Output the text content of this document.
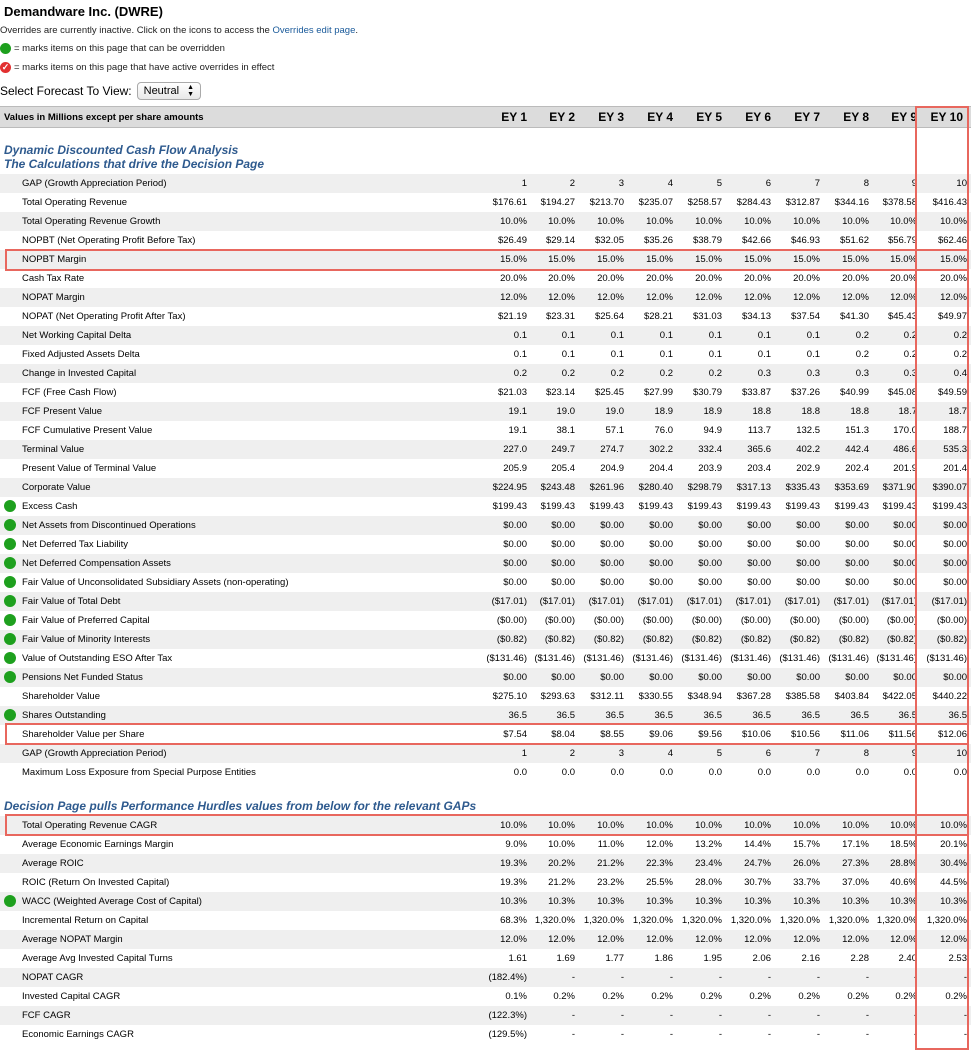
Demandware Inc. (DWRE)
Overrides are currently inactive. Click on the icons to access the Overrides edit page.
= marks items on this page that can be overridden
✓ = marks items on this page that have active overrides in effect
Select Forecast To View: Neutral ▲
▼
Values in Millions except per share amounts	EY 1	EY 2	EY 3	EY 4	EY 5	EY 6	EY 7	EY 8	EY 9	EY 10
Dynamic Discounted Cash Flow Analysis
The Calculations that drive the Decision Page
GAP (Growth Appreciation Period)	1	2	3	4	5	6	7	8	9	10
Total Operating Revenue	$176.61	$194.27	$213.70	$235.07	$258.57	$284.43	$312.87	$344.16	$378.58	$416.43
Total Operating Revenue Growth	10.0%	10.0%	10.0%	10.0%	10.0%	10.0%	10.0%	10.0%	10.0%	10.0%
NOPBT (Net Operating Profit Before Tax)	$26.49	$29.14	$32.05	$35.26	$38.79	$42.66	$46.93	$51.62	$56.79	$62.46
NOPBT Margin	15.0%	15.0%	15.0%	15.0%	15.0%	15.0%	15.0%	15.0%	15.0%	15.0%
Cash Tax Rate	20.0%	20.0%	20.0%	20.0%	20.0%	20.0%	20.0%	20.0%	20.0%	20.0%
NOPAT Margin	12.0%	12.0%	12.0%	12.0%	12.0%	12.0%	12.0%	12.0%	12.0%	12.0%
NOPAT (Net Operating Profit After Tax)	$21.19	$23.31	$25.64	$28.21	$31.03	$34.13	$37.54	$41.30	$45.43	$49.97
Net Working Capital Delta	0.1	0.1	0.1	0.1	0.1	0.1	0.1	0.2	0.2	0.2
Fixed Adjusted Assets Delta	0.1	0.1	0.1	0.1	0.1	0.1	0.1	0.2	0.2	0.2
Change in Invested Capital	0.2	0.2	0.2	0.2	0.2	0.3	0.3	0.3	0.3	0.4
FCF (Free Cash Flow)	$21.03	$23.14	$25.45	$27.99	$30.79	$33.87	$37.26	$40.99	$45.08	$49.59
FCF Present Value	19.1	19.0	19.0	18.9	18.9	18.8	18.8	18.8	18.7	18.7
FCF Cumulative Present Value	19.1	38.1	57.1	76.0	94.9	113.7	132.5	151.3	170.0	188.7
Terminal Value	227.0	249.7	274.7	302.2	332.4	365.6	402.2	442.4	486.6	535.3
Present Value of Terminal Value	205.9	205.4	204.9	204.4	203.9	203.4	202.9	202.4	201.9	201.4
Corporate Value	$224.95	$243.48	$261.96	$280.40	$298.79	$317.13	$335.43	$353.69	$371.90	$390.07
Excess Cash	$199.43	$199.43	$199.43	$199.43	$199.43	$199.43	$199.43	$199.43	$199.43	$199.43
Net Assets from Discontinued Operations	$0.00	$0.00	$0.00	$0.00	$0.00	$0.00	$0.00	$0.00	$0.00	$0.00
Net Deferred Tax Liability	$0.00	$0.00	$0.00	$0.00	$0.00	$0.00	$0.00	$0.00	$0.00	$0.00
Net Deferred Compensation Assets	$0.00	$0.00	$0.00	$0.00	$0.00	$0.00	$0.00	$0.00	$0.00	$0.00
Fair Value of Unconsolidated Subsidiary Assets (non-operating)	$0.00	$0.00	$0.00	$0.00	$0.00	$0.00	$0.00	$0.00	$0.00	$0.00
Fair Value of Total Debt	($17.01)	($17.01)	($17.01)	($17.01)	($17.01)	($17.01)	($17.01)	($17.01)	($17.01)	($17.01)
Fair Value of Preferred Capital	($0.00)	($0.00)	($0.00)	($0.00)	($0.00)	($0.00)	($0.00)	($0.00)	($0.00)	($0.00)
Fair Value of Minority Interests	($0.82)	($0.82)	($0.82)	($0.82)	($0.82)	($0.82)	($0.82)	($0.82)	($0.82)	($0.82)
Value of Outstanding ESO After Tax	($131.46) ($131.46) ($131.46) ($131.46) ($131.46) ($131.46) ($131.46) ($131.46) ($131.46) ($131.46)
Pensions Net Funded Status	$0.00	$0.00	$0.00	$0.00	$0.00	$0.00	$0.00	$0.00	$0.00	$0.00
Shareholder Value	$275.10	$293.63	$312.11	$330.55	$348.94	$367.28	$385.58	$403.84	$422.05	$440.22
Shares Outstanding	36.5	36.5	36.5	36.5	36.5	36.5	36.5	36.5	36.5	36.5
Shareholder Value per Share	$7.54	$8.04	$8.55	$9.06	$9.56	$10.06	$10.56	$11.06	$11.56	$12.06
GAP (Growth Appreciation Period)	1	2	3	4	5	6	7	8	9	10
Maximum Loss Exposure from Special Purpose Entities	0.0	0.0	0.0	0.0	0.0	0.0	0.0	0.0	0.0	0.0
Decision Page pulls Performance Hurdles values from below for the relevant GAPs
Total Operating Revenue CAGR	10.0%	10.0%	10.0%	10.0%	10.0%	10.0%	10.0%	10.0%	10.0%	10.0%
Average Economic Earnings Margin	9.0%	10.0%	11.0%	12.0%	13.2%	14.4%	15.7%	17.1%	18.5%	20.1%
Average ROIC	19.3%	20.2%	21.2%	22.3%	23.4%	24.7%	26.0%	27.3%	28.8%	30.4%
ROIC (Return On Invested Capital)	19.3%	21.2%	23.2%	25.5%	28.0%	30.7%	33.7%	37.0%	40.6%	44.5%
WACC (Weighted Average Cost of Capital)	10.3%	10.3%	10.3%	10.3%	10.3%	10.3%	10.3%	10.3%	10.3%	10.3%
Incremental Return on Capital	68.3% 1,320.0% 1,320.0% 1,320.0% 1,320.0% 1,320.0% 1,320.0% 1,320.0% 1,320.0%	1,320.0%
Average NOPAT Margin	12.0%	12.0%	12.0%	12.0%	12.0%	12.0%	12.0%	12.0%	12.0%	12.0%
Average Avg Invested Capital Turns	1.61	1.69	1.77	1.86	1.95	2.06	2.16	2.28	2.40	2.53
NOPAT CAGR	(182.4%)	-	-	-	-	-	-	-	-	-
Invested Capital CAGR	0.1%	0.2%	0.2%	0.2%	0.2%	0.2%	0.2%	0.2%	0.2%	0.2%
FCF CAGR	(122.3%)	-	-	-	-	-	-	-	-	-
Economic Earnings CAGR	(129.5%)	-	-	-	-	-	-	-	-	-
